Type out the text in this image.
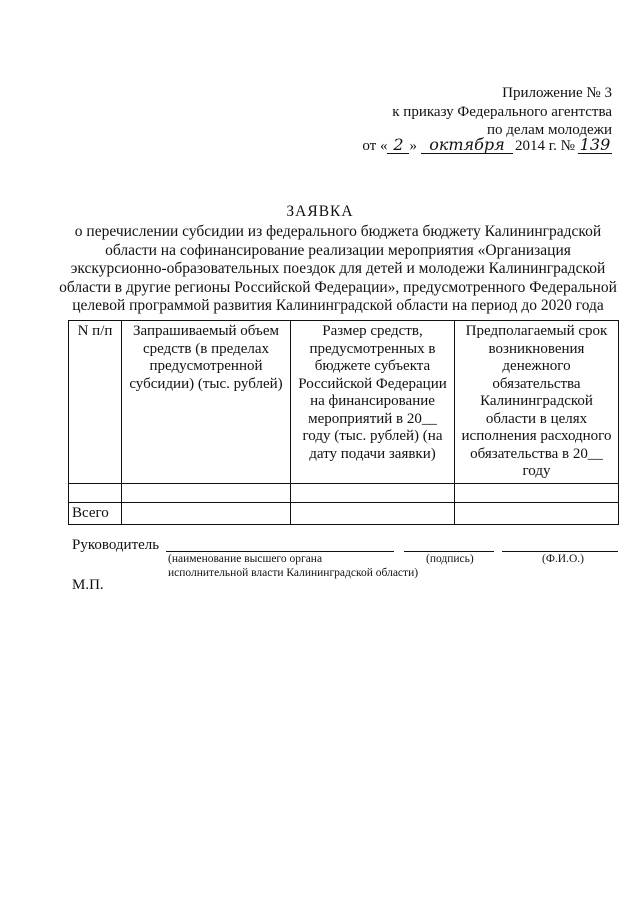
Приложение № 3
к приказу Федерального агентства
по делам молодежи
от « 2 » октября 2014 г. № 139
ЗАЯВКА
о перечислении субсидии из федерального бюджета бюджету Калининградской области на софинансирование реализации мероприятия «Организация экскурсионно-образовательных поездок для детей и молодежи Калининградской области в другие регионы Российской Федерации», предусмотренного Федеральной целевой программой развития Калининградской области на период до 2020 года
N п/п	Запрашиваемый объем средств (в пределах предусмотренной субсидии) (тыс. рублей)	Размер средств, предусмотренных в бюджете субъекта Российской Федерации на финансирование мероприятий в 20__ году (тыс. рублей) (на дату подачи заявки)	Предполагаемый срок возникновения денежного обязательства Калининградской области в целях исполнения расходного обязательства в 20__ году

Всего			
Руководитель
(наименование высшего органа
исполнительной власти Калининградской области)
(подпись)	(Ф.И.О.)
М.П.
